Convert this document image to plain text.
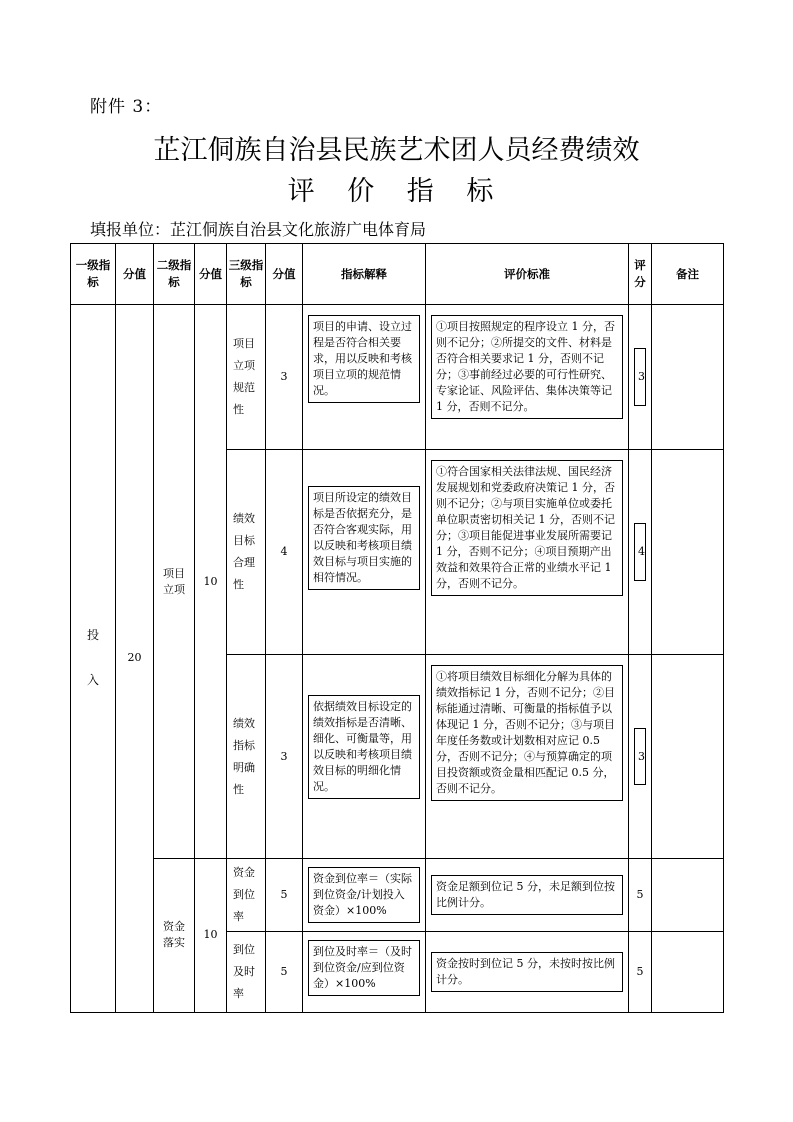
附件 3：
芷江侗族自治县民族艺术团人员经费绩效
评 价 指 标
填报单位：芷江侗族自治县文化旅游广电体育局
一级指标	分值	二级指标	分值	三级指标	分值	指标解释	评价标准	评分	备注

投
入	20	项目立项	10	项目立项规范性	3	项目的申请、设立过程是否符合相关要求，用以反映和考核项目立项的规范情况。	①项目按照规定的程序设立 1 分，否则不记分；②所提交的文件、材料是否符合相关要求记 1 分，否则不记分；③事前经过必要的可行性研究、专家论证、风险评估、集体决策等记 1 分，否则不记分。	3	

				绩效目标合理性	4	项目所设定的绩效目标是否依据充分，是否符合客观实际，用以反映和考核项目绩效目标与项目实施的相符情况。	①符合国家相关法律法规、国民经济发展规划和党委政府决策记 1 分，否则不记分；②与项目实施单位或委托单位职责密切相关记 1 分，否则不记分；③项目能促进事业发展所需要记 1 分，否则不记分；④项目预期产出效益和效果符合正常的业绩水平记 1 分，否则不记分。	4	

				绩效指标明确性	3	依据绩效目标设定的绩效指标是否清晰、细化、可衡量等，用以反映和考核项目绩效目标的明细化情况。	①将项目绩效目标细化分解为具体的绩效指标记 1 分，否则不记分；②目标能通过清晰、可衡量的指标值予以体现记 1 分，否则不记分；③与项目年度任务数或计划数相对应记 0.5 分，否则不记分；④与预算确定的项目投资额或资金量相匹配记 0.5 分，否则不记分。	3	

		资金落实	10	资金到位率	5	资金到位率＝（实际到位资金/计划投入资金）×100%	资金足额到位记 5 分，未足额到位按比例计分。	5	
				到位及时率	5	到位及时率＝（及时到位资金/应到位资金）×100%	资金按时到位记 5 分，未按时按比例计分。	5	
